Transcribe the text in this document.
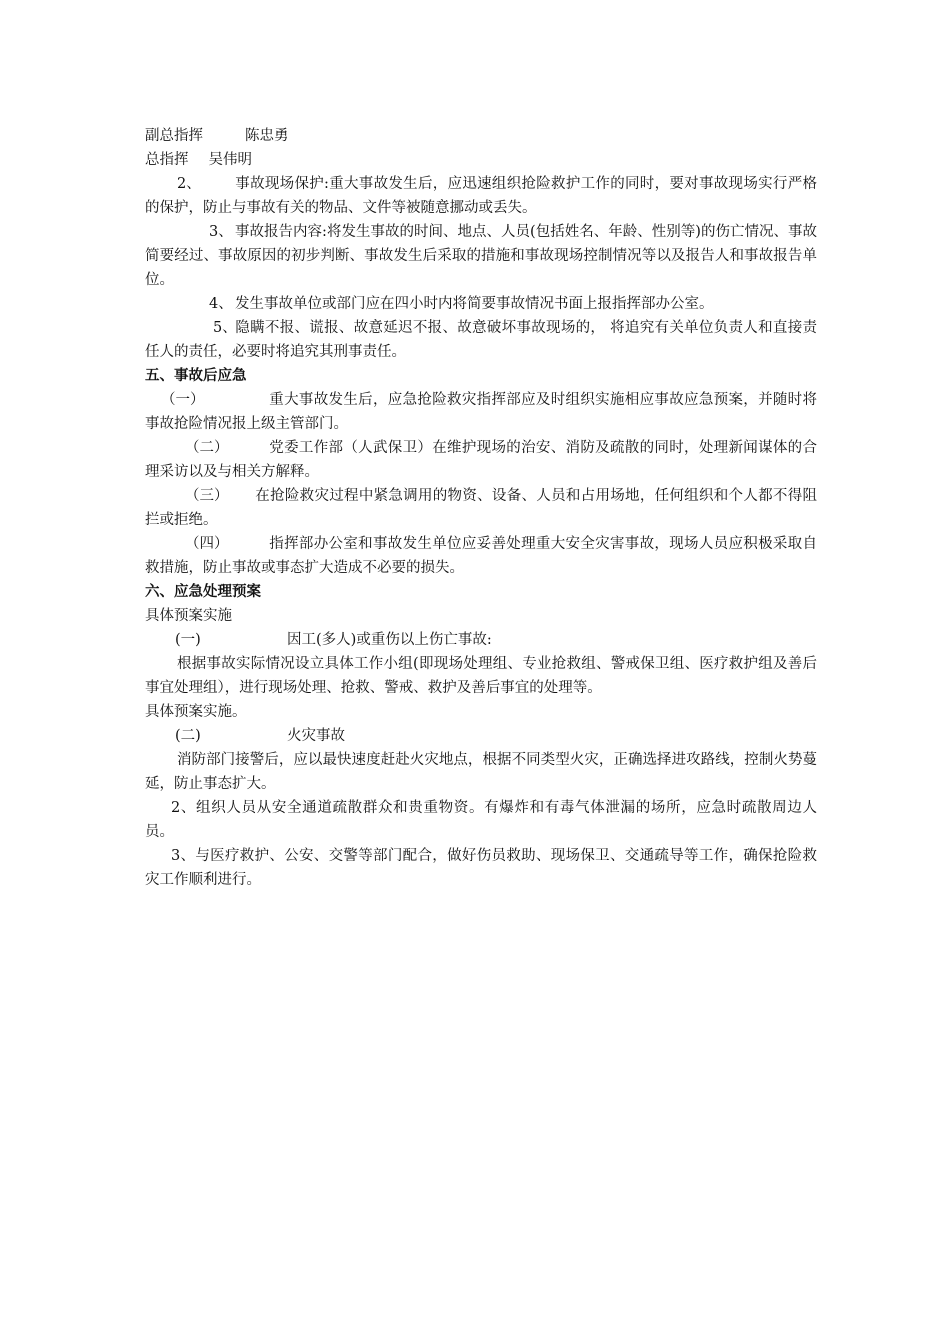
副总指挥	陈忠勇
总指挥 吴伟明
2、 事故现场保护:重大事故发生后，应迅速组织抢险救护工作的同时，要对事故现场实行严格的保护，防止与事故有关的物品、文件等被随意挪动或丢失。
3、 事故报告内容:将发生事故的时间、地点、人员(包括姓名、年龄、性别等)的伤亡情况、事故简要经过、事故原因的初步判断、事故发生后采取的措施和事故现场控制情况等以及报告人和事故报告单位。
4、 发生事故单位或部门应在四小时内将简要事故情况书面上报指挥部办公室。
5、隐瞒不报、谎报、故意延迟不报、故意破坏事故现场的， 将追究有关单位负责人和直接责任人的责任，必要时将追究其刑事责任。
五、事故后应急
（一）	重大事故发生后，应急抢险救灾指挥部应及时组织实施相应事故应急预案，并随时将事故抢险情况报上级主管部门。
（二）	党委工作部（人武保卫）在维护现场的治安、消防及疏散的同时，处理新闻谋体的合理采访以及与相关方解释。
（三） 在抢险救灾过程中紧急调用的物资、设备、人员和占用场地，任何组织和个人都不得阻拦或拒绝。
（四）	指挥部办公室和事故发生单位应妥善处理重大安全灾害事故，现场人员应积极采取自救措施，防止事故或事态扩大造成不必要的损失。
六、应急处理预案
具体预案实施
(一)	因工(多人)或重伤以上伤亡事故:
根据事故实际情况设立具体工作小组(即现场处理组、专业抢救组、警戒保卫组、医疗救护组及善后事宜处理组），进行现场处理、抢救、警戒、救护及善后事宜的处理等。
具体预案实施。
(二)	火灾事故
消防部门接警后，应以最快速度赶赴火灾地点，根据不同类型火灾，正确选择进攻路线，控制火势蔓延，防止事态扩大。
2、组织人员从安全通道疏散群众和贵重物资。有爆炸和有毒气体泄漏的场所，应急时疏散周边人员。
3、与医疗救护、公安、交警等部门配合，做好伤员救助、现场保卫、交通疏导等工作，确保抢险救灾工作顺利进行。
